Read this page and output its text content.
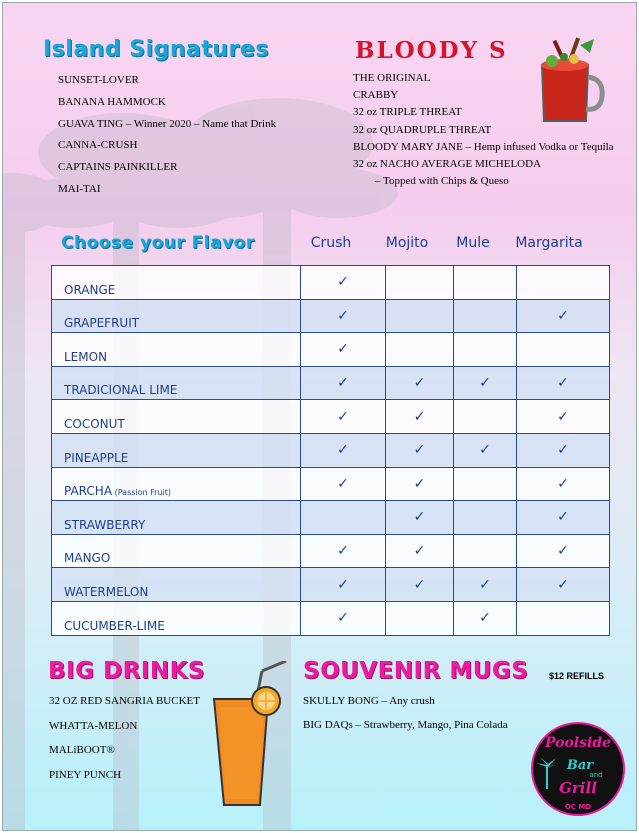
Island Signatures
SUNSET-LOVER
BANANA HAMMOCK
GUAVA TING – Winner 2020 – Name that Drink
CANNA-CRUSH
CAPTAINS PAINKILLER
MAI-TAI
BLOODY S
THE ORIGINAL
CRABBY
32 oz TRIPLE THREAT
32 oz QUADRUPLE THREAT
BLOODY MARY JANE – Hemp infused Vodka or Tequila
32 oz NACHO AVERAGE MICHELODA
– Topped with Chips & Queso
Choose your Flavor	Crush	Mojito	Mule	Margarita
ORANGE	✓			
GRAPEFRUIT	✓			✓
LEMON	✓			
TRADICIONAL LIME	✓	✓	✓	✓
COCONUT	✓	✓		✓
PINEAPPLE	✓	✓	✓	✓
PARCHA (Passion Fruit)	✓	✓		✓
STRAWBERRY		✓		✓
MANGO	✓	✓		✓
WATERMELON	✓	✓	✓	✓
CUCUMBER-LIME	✓		✓	
BIG DRINKS
32 OZ RED SANGRIA BUCKET
WHATTA-MELON
MALiBOOT®
PINEY PUNCH
SOUVENIR MUGS $12 REFILLS
SKULLY BONG – Any crush
BIG DAQs – Strawberry, Mango, Pina Colada
Poolside
Bar
and
Grill
OC MD
